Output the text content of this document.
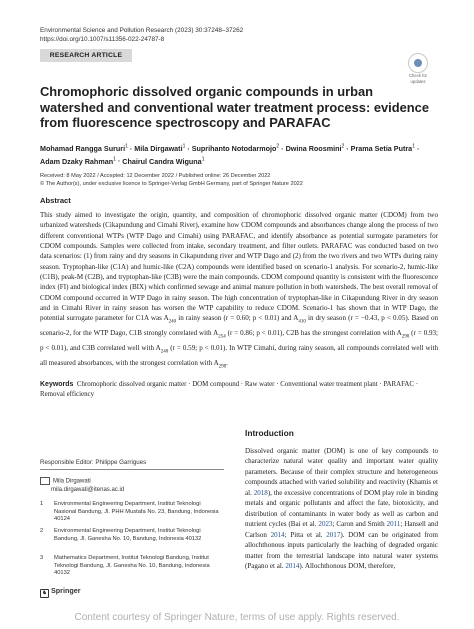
Environmental Science and Pollution Research (2023) 30:37248–37262
https://doi.org/10.1007/s11356-022-24787-8
RESEARCH ARTICLE
Check for
updates
Chromophoric dissolved organic compounds in urban watershed and conventional water treatment process: evidence from fluorescence spectroscopy and PARAFAC
Mohamad Rangga Sururi$^1$ · Mila Dirgawati$^1$ · Suprihanto Notodarmojo$^2$ · Dwina Roosmini$^2$ · Prama Setia Putra$^1$ · Adam Dzaky Rahman$^1$ · Chairul Candra Wiguna$^1$
Received: 8 May 2022 / Accepted: 12 December 2022 / Published online: 26 December 2022
© The Author(s), under exclusive licence to Springer-Verlag GmbH Germany, part of Springer Nature 2022
Abstract
This study aimed to investigate the origin, quantity, and composition of chromophoric dissolved organic matter (CDOM) from two urbanized watersheds (Cikapundung and Cimahi River), examine how CDOM compounds and absorbances change along the process of two different conventional WTPs (WTP Dago and Cimahi) using PARAFAC, and identify absorbance as potential surrogate parameters for CDOM compounds. Samples were collected from intake, secondary treatment, and filter outlets. PARAFAC was conducted based on two data scenarios: (1) from rainy and dry seasons in Cikapundung river and WTP Dago and (2) from the two rivers and two WTPs during rainy season. Tryptophan-like (C1A) and humic-like (C2A) compounds were identified based on scenario-1 analysis. For scenario-2, humic-like (C1B), peak-M (C2B), and tryptophan-like (C3B) were the main compounds. CDOM compound quantity is consistent with the fluorescence index (FI) and biological index (BIX) which confirmed sewage and animal manure pollution in both watersheds. The best overall removal of CDOM compound occurred in WTP Dago in rainy season. The high concentration of tryptophan-like in Cikapundung River in dry season and in Cimahi River in rainy season has worsen the WTP capability to reduce CDOM. Scenario-1 has shown that in WTP Dago, the potential surrogate parameter for C1A was $A_{240}$ in rainy season (r = 0.60; p < 0.01) and $A_{410}$ in dry season (r = −0.43, p < 0.05). Based on scenario-2, for the WTP Dago, C1B strongly correlated with $A_{254}$ (r = 0.86; p < 0.01), C2B has the strongest correlation with $A_{290}$ (r = 0.93; p < 0.01), and C3B correlated well with $A_{240}$ (r = 0.59; p < 0.01). In WTP Cimahi, during rainy season, all compounds correlated well with all measured absorbances, with the strongest correlation with $A_{298}$.
Keywords Chromophoric dissolved organic matter · DOM compound · Raw water · Conventional water treatment plant · PARAFAC · Removal efficiency
Responsible Editor: Philippe Garrigues
Mila Dirgawati
mila.dirgawati@itenas.ac.id
1 Environmental Engineering Department, Institut Teknologi Nasional Bandung, Jl. PHH Mustafa No. 23, Bandung, Indonesia 40124
2 Environmental Engineering Department, Institut Teknologi Bandung, Jl. Ganesha No. 10, Bandung, Indonesia 40132
3 Mathematics Department, Institut Teknologi Bandung, Institut Teknologi Bandung, Jl. Ganesha No. 10, Bandung, Indonesia 40132
Introduction
Dissolved organic matter (DOM) is one of key compounds to characterize natural water quality and important water quality parameters. Because of their complex structure and heterogeneous compounds attached with varied solubility and reactivity (Khamis et al. 2018), the excessive concentrations of DOM play role in binding metals and organic pollutants and affect the fate, biotoxicity, and distribution of contaminants in water body as well as carbon and nutrient cycles (Bai et al. 2023; Caron and Smith 2011; Hansell and Carlson 2014; Pitta et al. 2017). DOM can be originated from allochthonous inputs particularly the leaching of degraded organic matter from the terrestrial landscape into natural water systems (Pagano et al. 2014). Allochthonous DOM, therefore,
♞ Springer
Content courtesy of Springer Nature, terms of use apply. Rights reserved.
